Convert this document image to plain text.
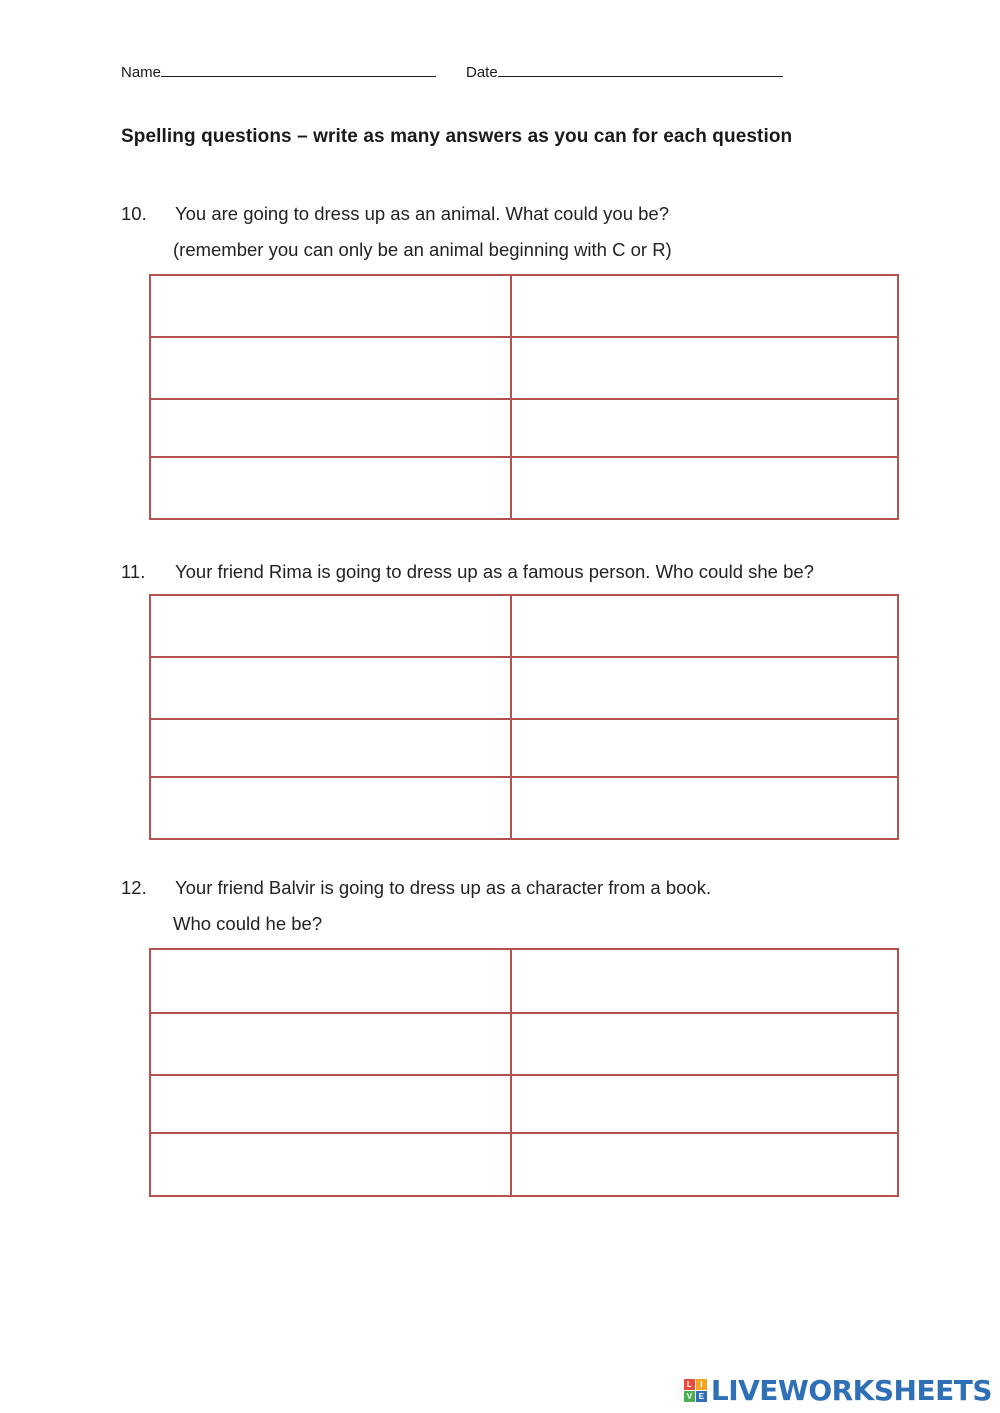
Name	Date
Spelling questions – write as many answers as you can for each question
10. You are going to dress up as an animal. What could you be?
(remember you can only be an animal beginning with C or R)
11. Your friend Rima is going to dress up as a famous person. Who could she be?
12. Your friend Balvir is going to dress up as a character from a book.
Who could he be?
L	I
V E LIVEWORKSHEETS
